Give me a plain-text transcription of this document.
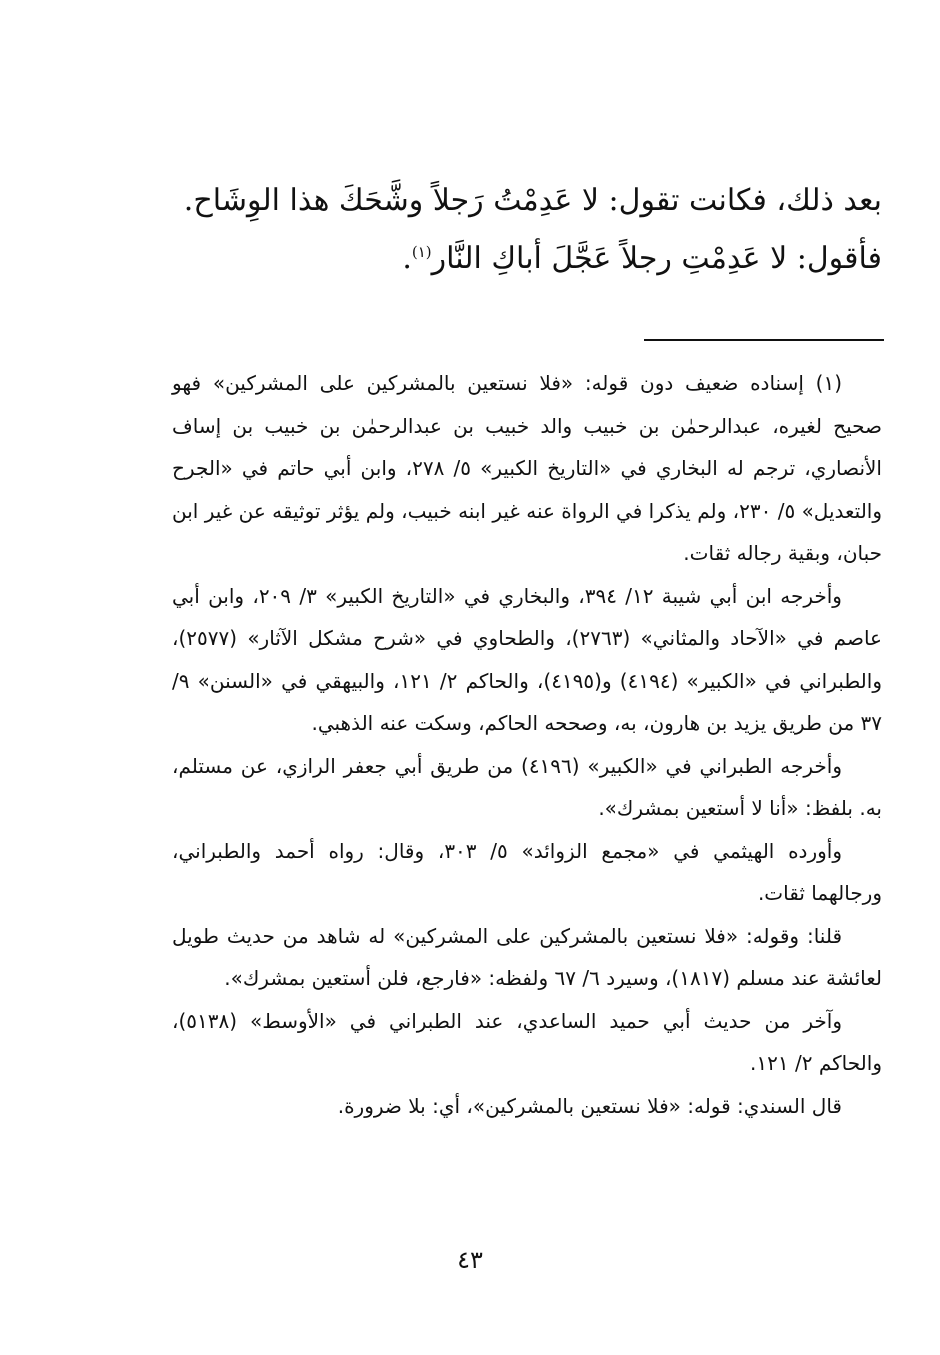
بعد ذلك، فكانت تقول: لا عَدِمْتُ رَجلاً وشَّحَكَ هذا الوِشَاح.
فأقول: لا عَدِمْتِ رجلاً عَجَّلَ أباكِ النَّار$^{(١)}$.

(١) إسناده ضعيف دون قوله: «فلا نستعين بالمشركين على المشركين» فهو صحيح لغيره، عبدالرحمٰن بن خبيب والد خبيب بن عبدالرحمٰن بن خبيب بن إساف الأنصاري، ترجم له البخاري في «التاريخ الكبير» ٥/ ٢٧٨، وابن أبي حاتم في «الجرح والتعديل» ٥/ ٢٣٠، ولم يذكرا في الرواة عنه غير ابنه خبيب، ولم يؤثر توثيقه عن غير ابن حبان، وبقية رجاله ثقات.

وأخرجه ابن أبي شيبة ١٢/ ٣٩٤، والبخاري في «التاريخ الكبير» ٣/ ٢٠٩، وابن أبي عاصم في «الآحاد والمثاني» (٢٧٦٣)، والطحاوي في «شرح مشكل الآثار» (٢٥٧٧)، والطبراني في «الكبير» (٤١٩٤) و(٤١٩٥)، والحاكم ٢/ ١٢١، والبيهقي في «السنن» ٩/ ٣٧ من طريق يزيد بن هارون، به، وصححه الحاكم، وسكت عنه الذهبي.

وأخرجه الطبراني في «الكبير» (٤١٩٦) من طريق أبي جعفر الرازي، عن مستلم، به. بلفظ: «أنا لا أستعين بمشرك».

وأورده الهيثمي في «مجمع الزوائد» ٥/ ٣٠٣، وقال: رواه أحمد والطبراني، ورجالهما ثقات.

قلنا: وقوله: «فلا نستعين بالمشركين على المشركين» له شاهد من حديث طويل لعائشة عند مسلم (١٨١٧)، وسيرد ٦/ ٦٧ ولفظه: «فارجع، فلن أستعين بمشرك».

وآخر من حديث أبي حميد الساعدي، عند الطبراني في «الأوسط» (٥١٣٨)، والحاكم ٢/ ١٢١.

قال السندي: قوله: «فلا نستعين بالمشركين»، أي: بلا ضرورة.

٤٣
